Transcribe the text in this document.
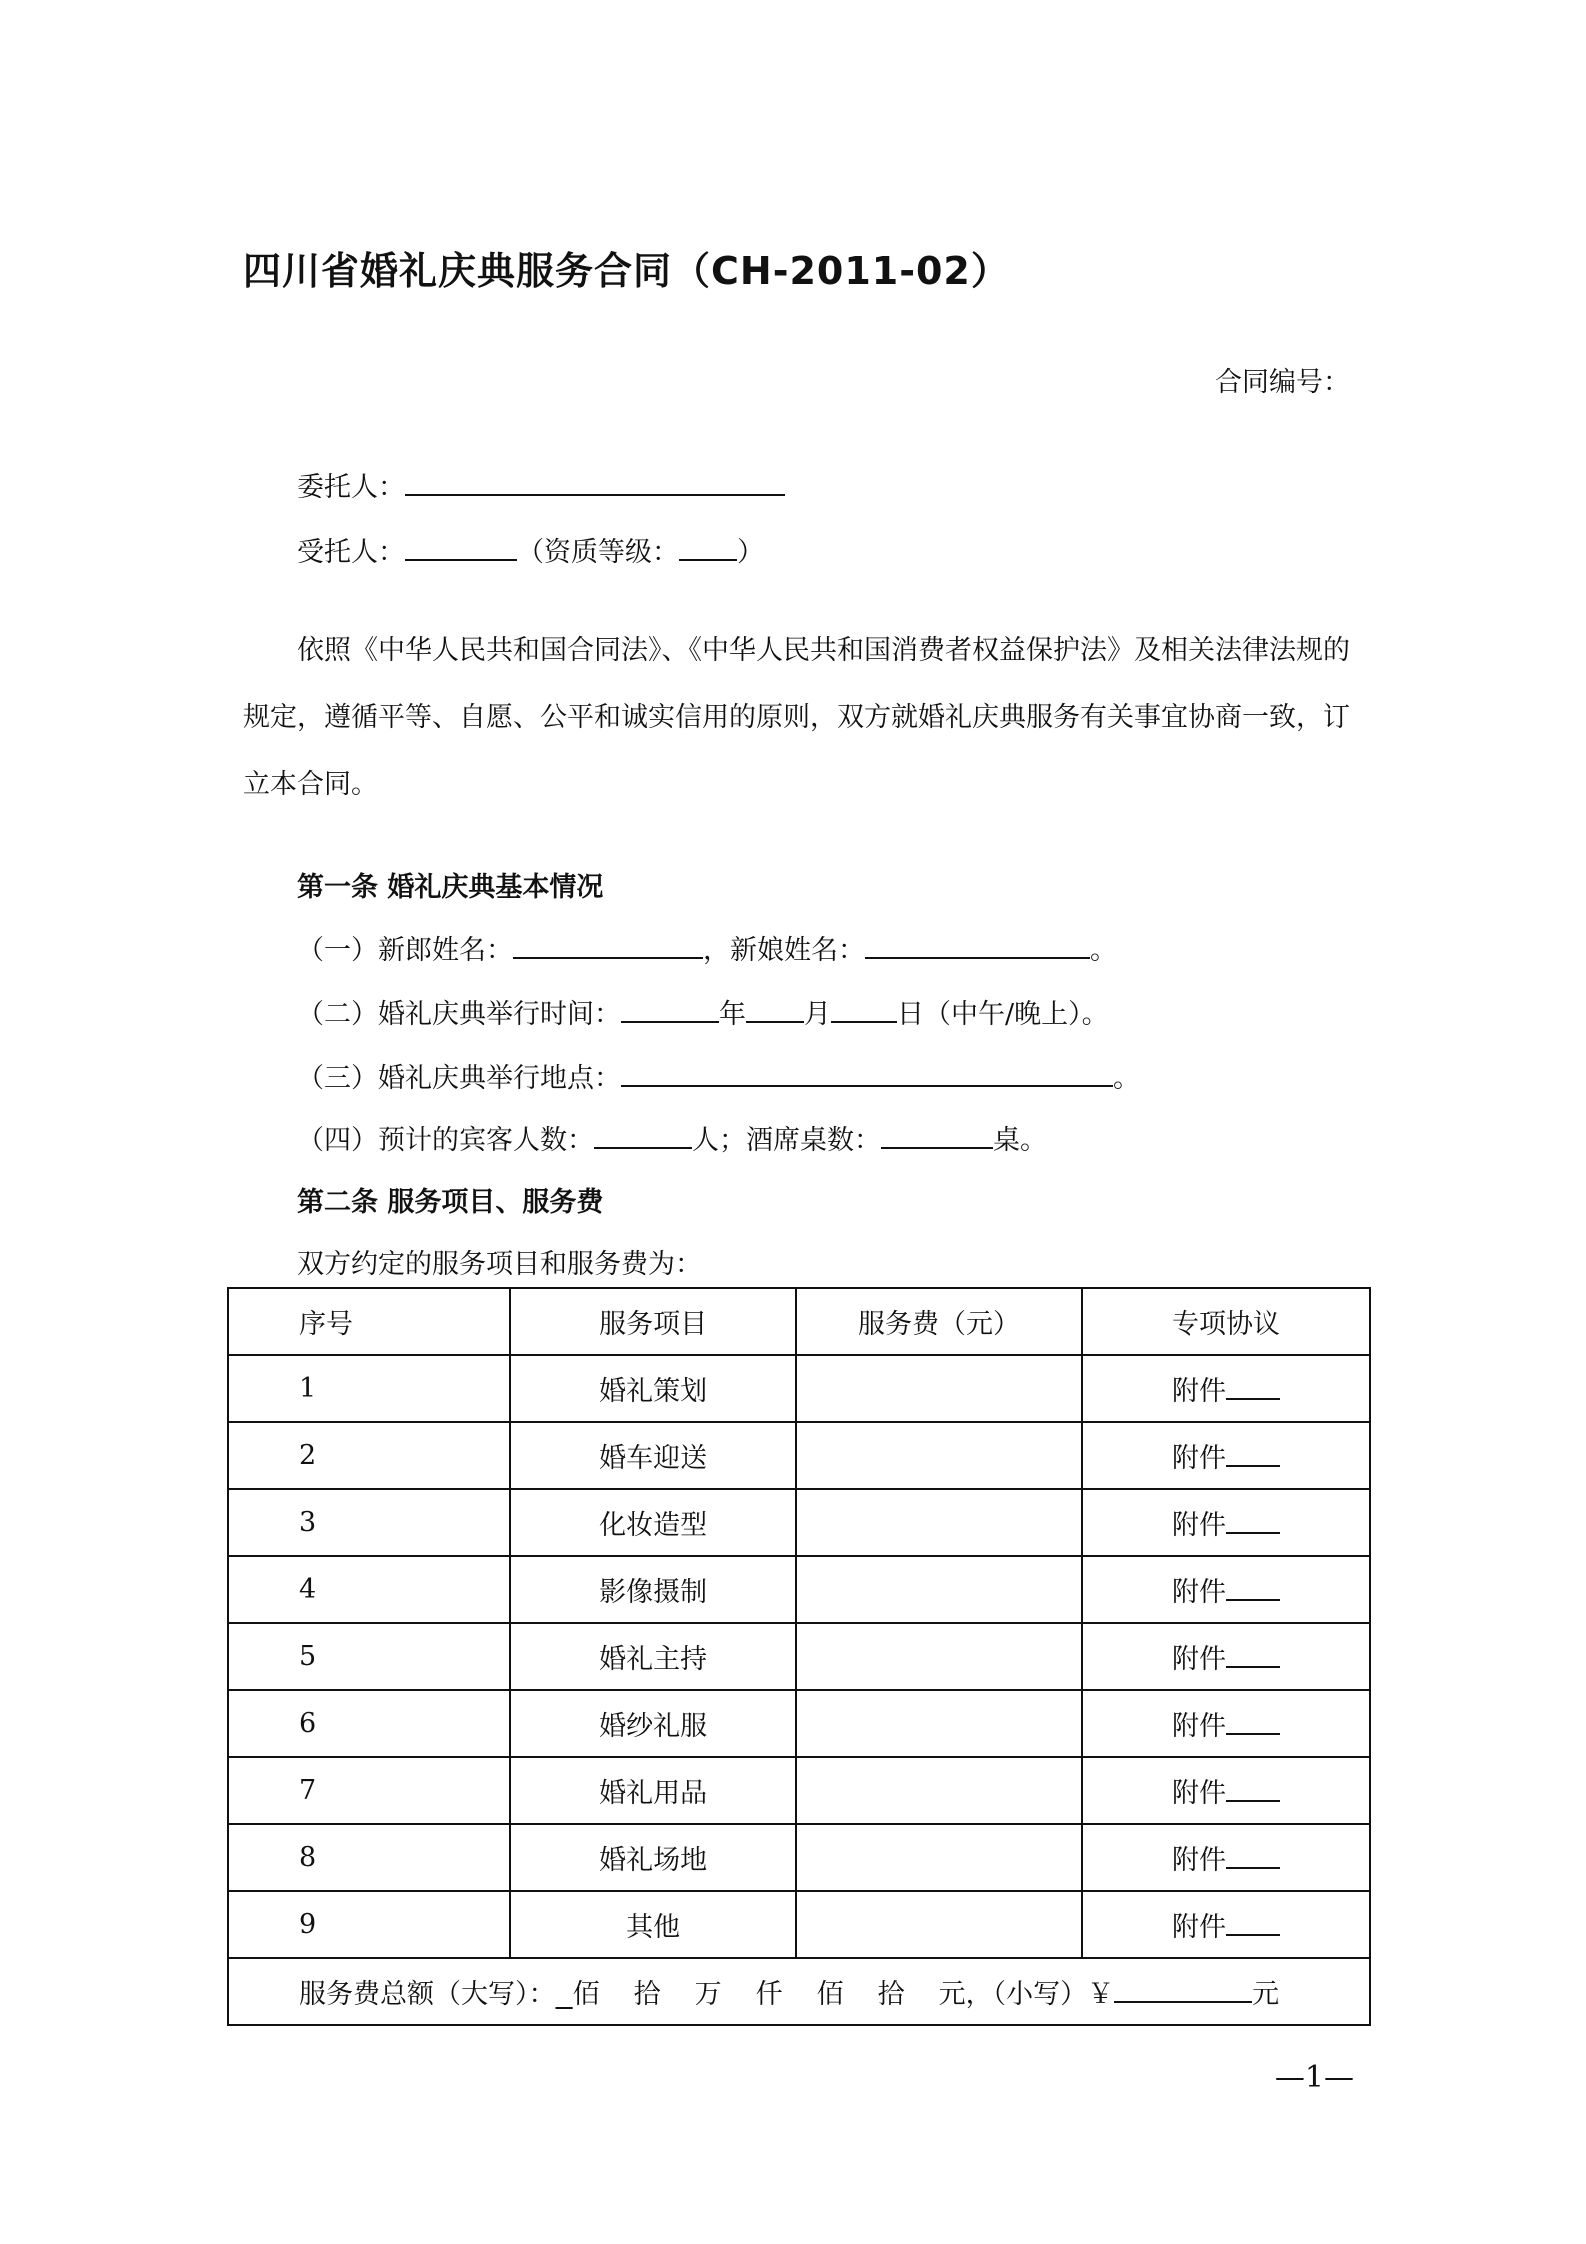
四川省婚礼庆典服务合同（CH-2011-02）
合同编号：
委托人：
受托人：	（资质等级： ）
依照《中华人民共和国合同法》、《中华人民共和国消费者权益保护法》及相关法律法规的规定，遵循平等、自愿、公平和诚实信用的原则，双方就婚礼庆典服务有关事宜协商一致，订立本合同。
第一条 婚礼庆典基本情况
（一）新郎姓名：	，新娘姓名：	。
（二）婚礼庆典举行时间：	年 月 日（中午/晚上）。
（三）婚礼庆典举行地点：	。
（四）预计的宾客人数：	人；酒席桌数：	桌。
第二条 服务项目、服务费
双方约定的服务项目和服务费为：
序号	服务项目	服务费（元）	专项协议
1	婚礼策划		附件
2	婚车迎送		附件
3	化妆造型		附件
4	影像摄制		附件
5	婚礼主持		附件
6	婚纱礼服		附件
7	婚礼用品		附件
8	婚礼场地		附件
9	其他		附件
服务费总额（大写）： 佰 拾 万 仟 佰 拾 元，（小写）￥ 元			
—1—
